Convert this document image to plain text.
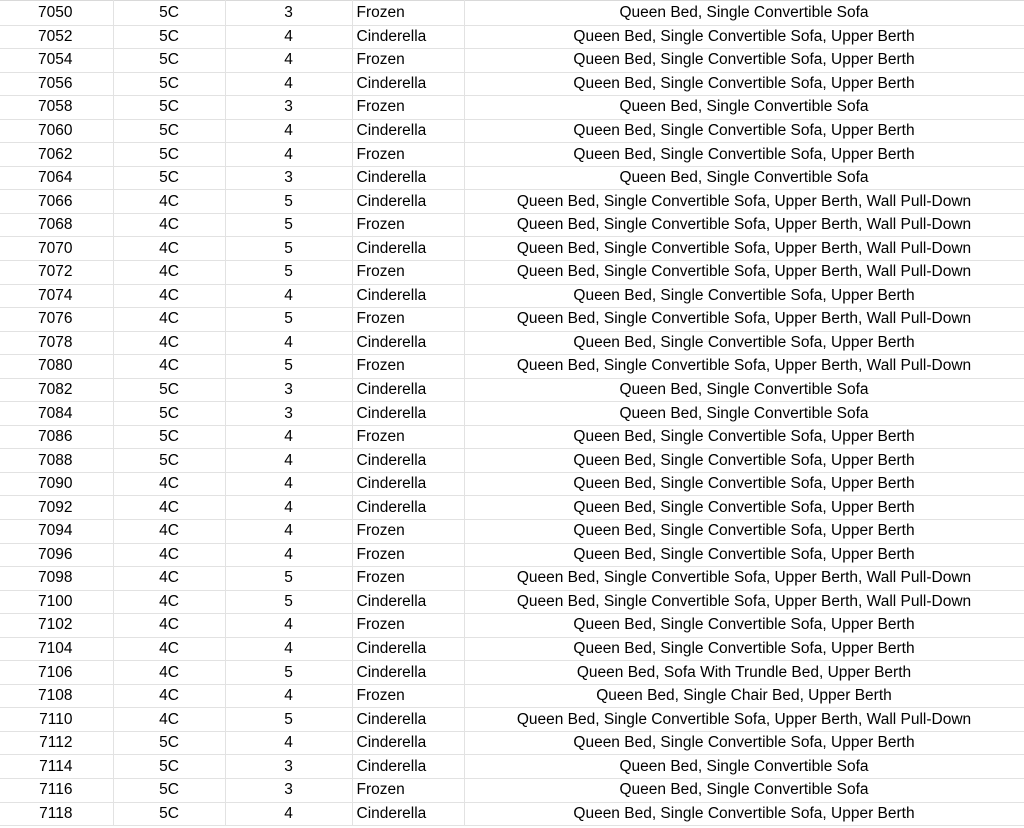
7050	5C	3	Frozen	Queen Bed, Single Convertible Sofa
7052	5C	4	Cinderella	Queen Bed, Single Convertible Sofa, Upper Berth
7054	5C	4	Frozen	Queen Bed, Single Convertible Sofa, Upper Berth
7056	5C	4	Cinderella	Queen Bed, Single Convertible Sofa, Upper Berth
7058	5C	3	Frozen	Queen Bed, Single Convertible Sofa
7060	5C	4	Cinderella	Queen Bed, Single Convertible Sofa, Upper Berth
7062	5C	4	Frozen	Queen Bed, Single Convertible Sofa, Upper Berth
7064	5C	3	Cinderella	Queen Bed, Single Convertible Sofa
7066	4C	5	Cinderella	Queen Bed, Single Convertible Sofa, Upper Berth, Wall Pull-Down
7068	4C	5	Frozen	Queen Bed, Single Convertible Sofa, Upper Berth, Wall Pull-Down
7070	4C	5	Cinderella	Queen Bed, Single Convertible Sofa, Upper Berth, Wall Pull-Down
7072	4C	5	Frozen	Queen Bed, Single Convertible Sofa, Upper Berth, Wall Pull-Down
7074	4C	4	Cinderella	Queen Bed, Single Convertible Sofa, Upper Berth
7076	4C	5	Frozen	Queen Bed, Single Convertible Sofa, Upper Berth, Wall Pull-Down
7078	4C	4	Cinderella	Queen Bed, Single Convertible Sofa, Upper Berth
7080	4C	5	Frozen	Queen Bed, Single Convertible Sofa, Upper Berth, Wall Pull-Down
7082	5C	3	Cinderella	Queen Bed, Single Convertible Sofa
7084	5C	3	Cinderella	Queen Bed, Single Convertible Sofa
7086	5C	4	Frozen	Queen Bed, Single Convertible Sofa, Upper Berth
7088	5C	4	Cinderella	Queen Bed, Single Convertible Sofa, Upper Berth
7090	4C	4	Cinderella	Queen Bed, Single Convertible Sofa, Upper Berth
7092	4C	4	Cinderella	Queen Bed, Single Convertible Sofa, Upper Berth
7094	4C	4	Frozen	Queen Bed, Single Convertible Sofa, Upper Berth
7096	4C	4	Frozen	Queen Bed, Single Convertible Sofa, Upper Berth
7098	4C	5	Frozen	Queen Bed, Single Convertible Sofa, Upper Berth, Wall Pull-Down
7100	4C	5	Cinderella	Queen Bed, Single Convertible Sofa, Upper Berth, Wall Pull-Down
7102	4C	4	Frozen	Queen Bed, Single Convertible Sofa, Upper Berth
7104	4C	4	Cinderella	Queen Bed, Single Convertible Sofa, Upper Berth
7106	4C	5	Cinderella	Queen Bed, Sofa With Trundle Bed, Upper Berth
7108	4C	4	Frozen	Queen Bed, Single Chair Bed, Upper Berth
7110	4C	5	Cinderella	Queen Bed, Single Convertible Sofa, Upper Berth, Wall Pull-Down
7112	5C	4	Cinderella	Queen Bed, Single Convertible Sofa, Upper Berth
7114	5C	3	Cinderella	Queen Bed, Single Convertible Sofa
7116	5C	3	Frozen	Queen Bed, Single Convertible Sofa
7118	5C	4	Cinderella	Queen Bed, Single Convertible Sofa, Upper Berth
